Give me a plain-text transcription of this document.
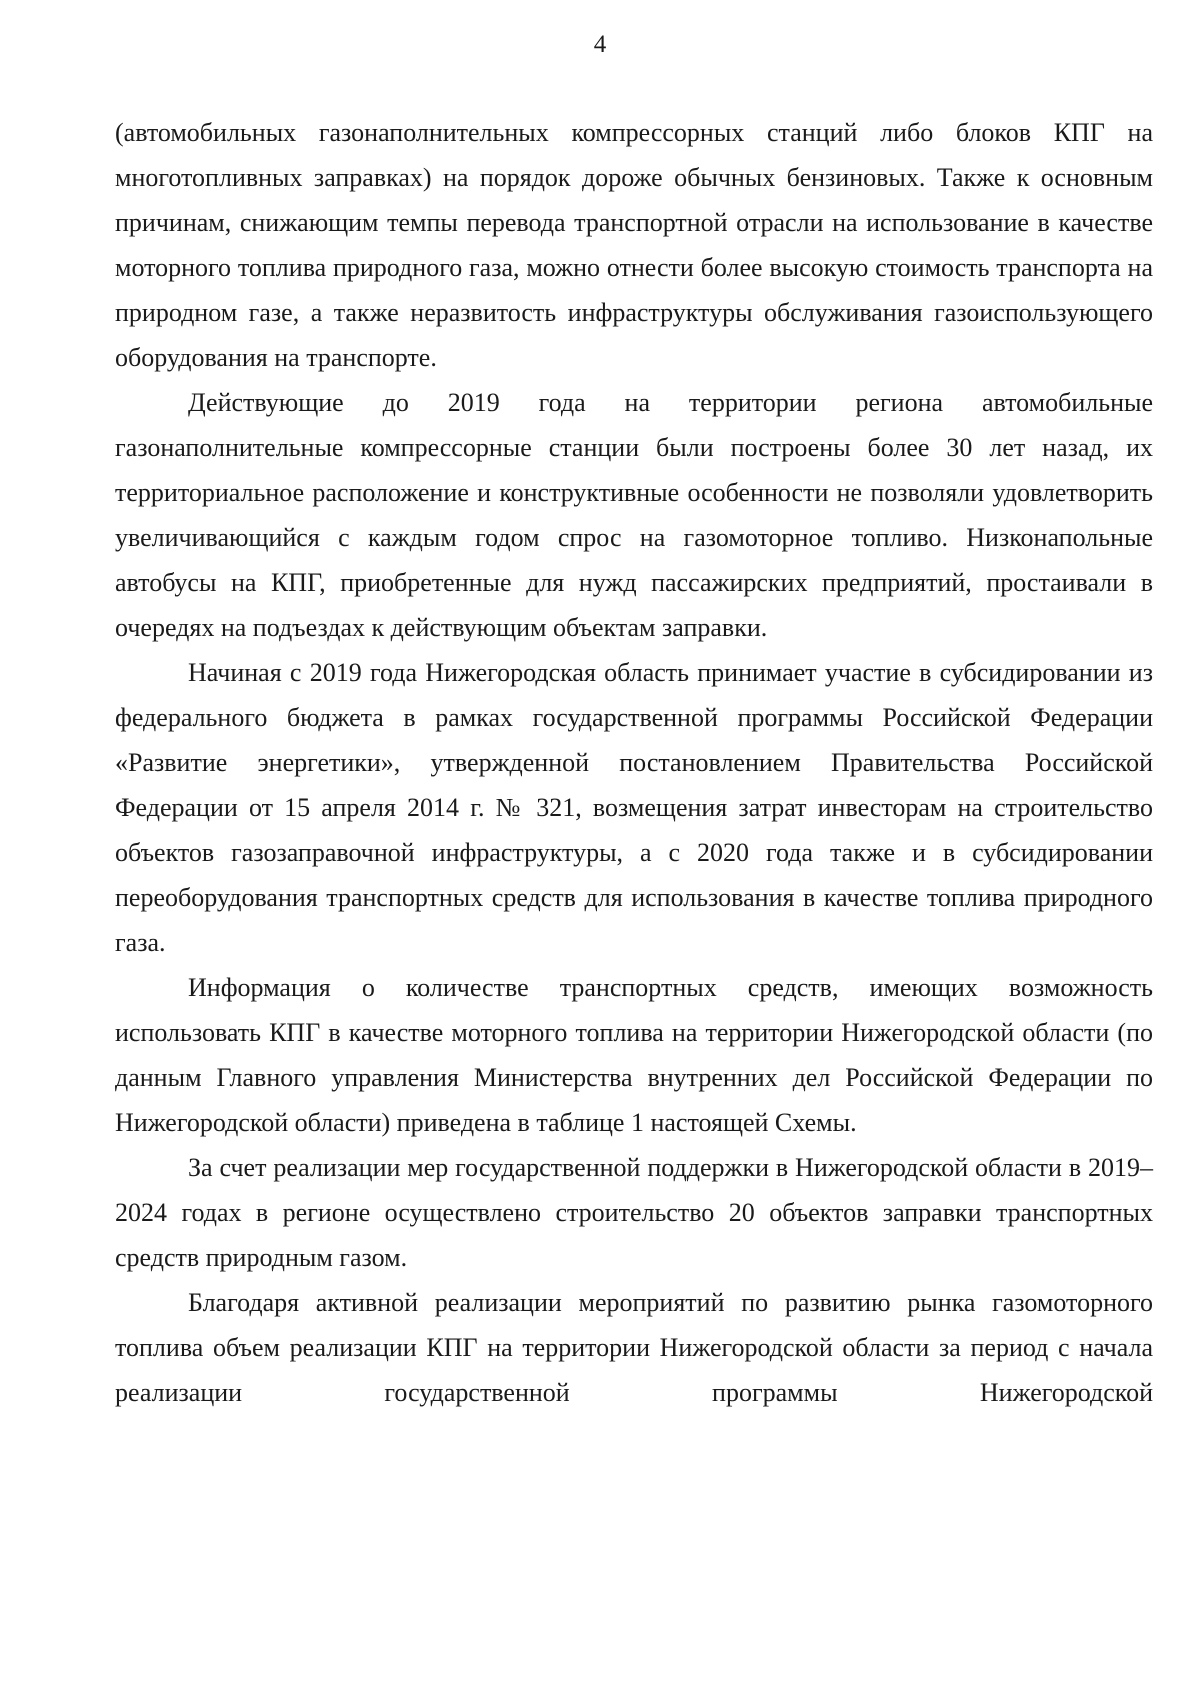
4

(автомобильных газонаполнительных компрессорных станций либо блоков КПГ на многотопливных заправках) на порядок дороже обычных бензиновых. Также к основным причинам, снижающим темпы перевода транспортной отрасли на использование в качестве моторного топлива природного газа, можно отнести более высокую стоимость транспорта на природном газе, а также неразвитость инфраструктуры обслуживания газоиспользующего оборудования на транспорте.

Действующие до 2019 года на территории региона автомобильные газонаполнительные компрессорные станции были построены более 30 лет назад, их территориальное расположение и конструктивные особенности не позволяли удовлетворить увеличивающийся с каждым годом спрос на газомоторное топливо. Низконапольные автобусы на КПГ, приобретенные для нужд пассажирских предприятий, простаивали в очередях на подъездах к действующим объектам заправки.

Начиная с 2019 года Нижегородская область принимает участие в субсидировании из федерального бюджета в рамках государственной программы Российской Федерации «Развитие энергетики», утвержденной постановлением Правительства Российской Федерации от 15 апреля 2014 г. № 321, возмещения затрат инвесторам на строительство объектов газозаправочной инфраструктуры, а с 2020 года также и в субсидировании переоборудования транспортных средств для использования в качестве топлива природного газа.

Информация о количестве транспортных средств, имеющих возможность использовать КПГ в качестве моторного топлива на территории Нижегородской области (по данным Главного управления Министерства внутренних дел Российской Федерации по Нижегородской области) приведена в таблице 1 настоящей Схемы.

За счет реализации мер государственной поддержки в Нижегородской области в 2019–2024 годах в регионе осуществлено строительство 20 объектов заправки транспортных средств природным газом.

Благодаря активной реализации мероприятий по развитию рынка газомоторного топлива объем реализации КПГ на территории Нижегородской области за период с начала реализации государственной программы Нижегородской
